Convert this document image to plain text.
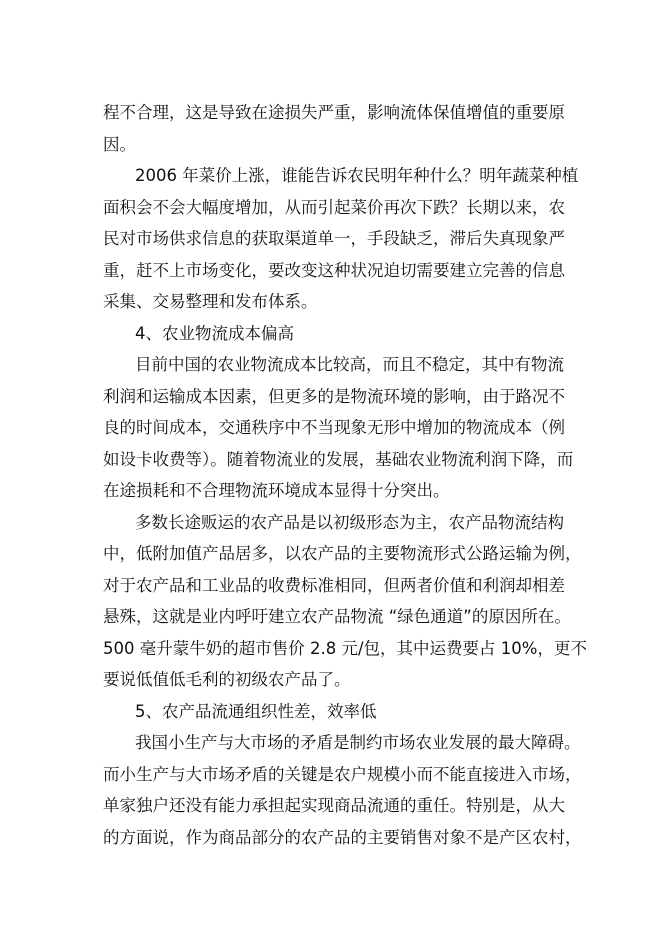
程不合理，这是导致在途损失严重，影响流体保值增值的重要原
因。
2006 年菜价上涨，谁能告诉农民明年种什么？明年蔬菜种植
面积会不会大幅度增加，从而引起菜价再次下跌？长期以来，农
民对市场供求信息的获取渠道单一，手段缺乏，滞后失真现象严
重，赶不上市场变化，要改变这种状况迫切需要建立完善的信息
采集、交易整理和发布体系。
4、农业物流成本偏高
目前中国的农业物流成本比较高，而且不稳定，其中有物流
利润和运输成本因素，但更多的是物流环境的影响，由于路况不
良的时间成本，交通秩序中不当现象无形中增加的物流成本（例
如设卡收费等）。随着物流业的发展，基础农业物流利润下降，而
在途损耗和不合理物流环境成本显得十分突出。
多数长途贩运的农产品是以初级形态为主，农产品物流结构
中，低附加值产品居多，以农产品的主要物流形式公路运输为例，
对于农产品和工业品的收费标准相同，但两者价值和利润却相差
悬殊，这就是业内呼吁建立农产品物流 “绿色通道”的原因所在。
500 毫升蒙牛奶的超市售价 2.8 元/包，其中运费要占 10%，更不
要说低值低毛利的初级农产品了。
5、农产品流通组织性差，效率低
我国小生产与大市场的矛盾是制约市场农业发展的最大障碍。
而小生产与大市场矛盾的关键是农户规模小而不能直接进入市场，
单家独户还没有能力承担起实现商品流通的重任。特别是，从大
的方面说，作为商品部分的农产品的主要销售对象不是产区农村，
